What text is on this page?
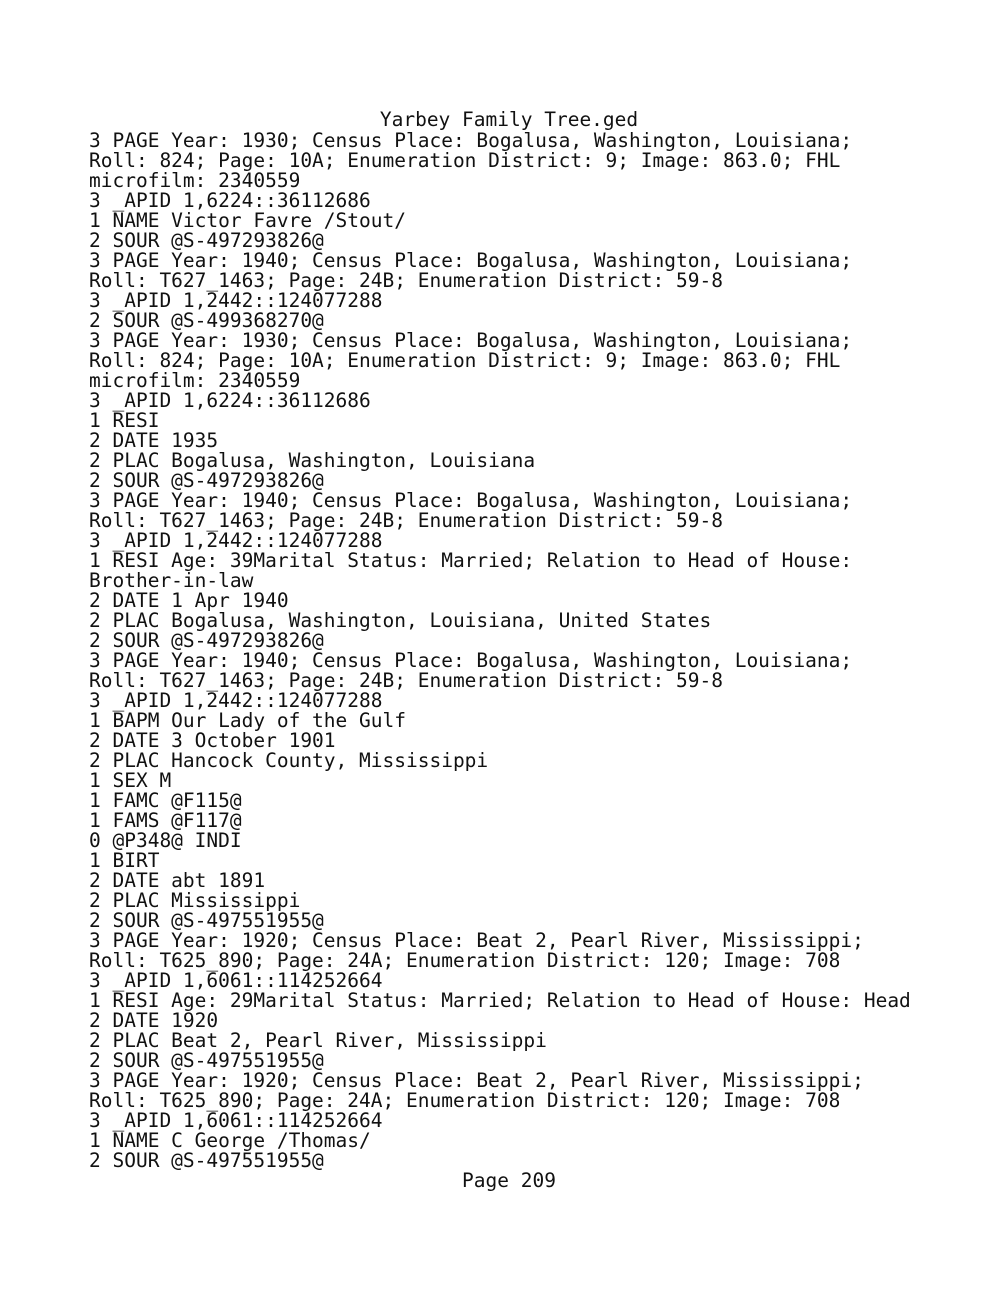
Yarbey Family Tree.ged
3 PAGE Year: 1930; Census Place: Bogalusa, Washington, Louisiana;
Roll: 824; Page: 10A; Enumeration District: 9; Image: 863.0; FHL
microfilm: 2340559
3 _APID 1,6224::36112686
1 NAME Victor Favre /Stout/
2 SOUR @S-497293826@
3 PAGE Year: 1940; Census Place: Bogalusa, Washington, Louisiana;
Roll: T627_1463; Page: 24B; Enumeration District: 59-8
3 _APID 1,2442::124077288
2 SOUR @S-499368270@
3 PAGE Year: 1930; Census Place: Bogalusa, Washington, Louisiana;
Roll: 824; Page: 10A; Enumeration District: 9; Image: 863.0; FHL
microfilm: 2340559
3 _APID 1,6224::36112686
1 RESI
2 DATE 1935
2 PLAC Bogalusa, Washington, Louisiana
2 SOUR @S-497293826@
3 PAGE Year: 1940; Census Place: Bogalusa, Washington, Louisiana;
Roll: T627_1463; Page: 24B; Enumeration District: 59-8
3 _APID 1,2442::124077288
1 RESI Age: 39Marital Status: Married; Relation to Head of House:
Brother-in-law
2 DATE 1 Apr 1940
2 PLAC Bogalusa, Washington, Louisiana, United States
2 SOUR @S-497293826@
3 PAGE Year: 1940; Census Place: Bogalusa, Washington, Louisiana;
Roll: T627_1463; Page: 24B; Enumeration District: 59-8
3 _APID 1,2442::124077288
1 BAPM Our Lady of the Gulf
2 DATE 3 October 1901
2 PLAC Hancock County, Mississippi
1 SEX M
1 FAMC @F115@
1 FAMS @F117@
0 @P348@ INDI
1 BIRT
2 DATE abt 1891
2 PLAC Mississippi
2 SOUR @S-497551955@
3 PAGE Year: 1920; Census Place: Beat 2, Pearl River, Mississippi;
Roll: T625_890; Page: 24A; Enumeration District: 120; Image: 708
3 _APID 1,6061::114252664
1 RESI Age: 29Marital Status: Married; Relation to Head of House: Head
2 DATE 1920
2 PLAC Beat 2, Pearl River, Mississippi
2 SOUR @S-497551955@
3 PAGE Year: 1920; Census Place: Beat 2, Pearl River, Mississippi;
Roll: T625_890; Page: 24A; Enumeration District: 120; Image: 708
3 _APID 1,6061::114252664
1 NAME C George /Thomas/
2 SOUR @S-497551955@
Page 209
